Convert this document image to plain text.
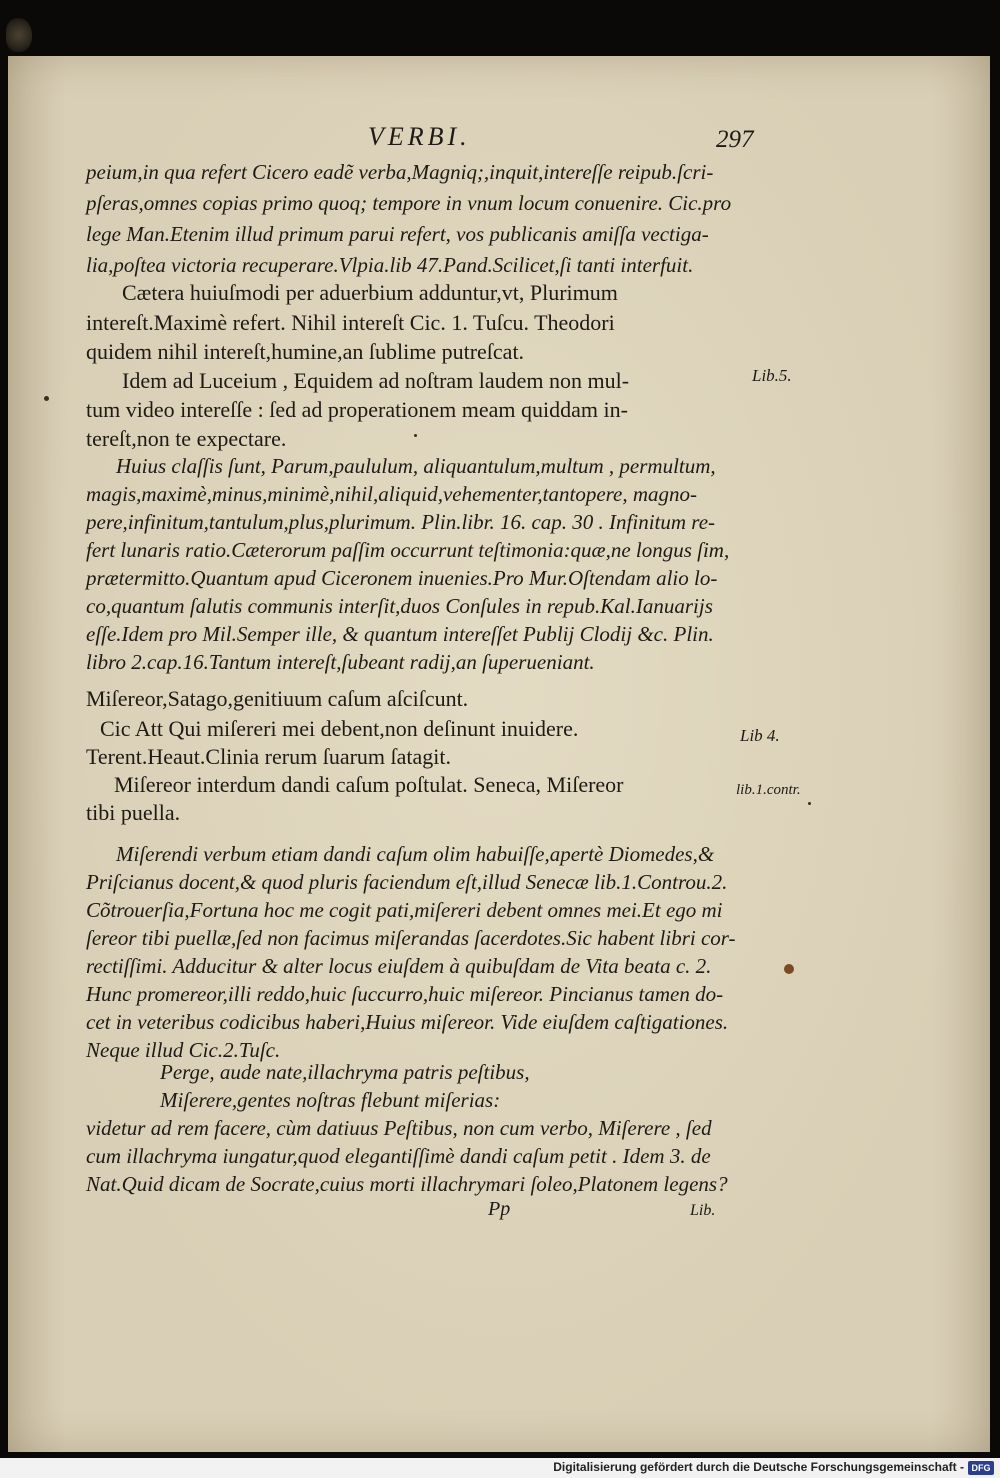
VERBI.	297
peium,in qua refert Cicero eadẽ verba,Magniq;,inquit,intereſſe reipub.ſcri-
pſeras,omnes copias primo quoq; tempore in vnum locum conuenire. Cic.pro
lege Man.Etenim illud primum parui refert, vos publicanis amiſſa vectiga-
lia,poſtea victoria recuperare.Vlpia.lib 47.Pand.Scilicet,ſi tanti interfuit.
Cætera huiuſmodi per aduerbium adduntur,vt, Plurimum
intereſt.Maximè refert. Nihil intereſt Cic. 1. Tuſcu. Theodori
quidem nihil intereſt,humine,an ſublime putreſcat.
Idem ad Luceium , Equidem ad noſtram laudem non mul-
tum video intereſſe : ſed ad properationem meam quiddam in-
tereſt,non te expectare.
Huius claſſis ſunt, Parum,paululum, aliquantulum,multum , permultum,
magis,maximè,minus,minimè,nihil,aliquid,vehementer,tantopere, magno-
pere,infinitum,tantulum,plus,plurimum. Plin.libr. 16. cap. 30 . Infinitum re-
fert lunaris ratio.Cæterorum paſſim occurrunt teſtimonia:quæ,ne longus ſim,
prætermitto.Quantum apud Ciceronem inuenies.Pro Mur.Oſtendam alio lo-
co,quantum ſalutis communis interſit,duos Conſules in repub.Kal.Ianuarijs
eſſe.Idem pro Mil.Semper ille, & quantum intereſſet Publij Clodij &c. Plin.
libro 2.cap.16.Tantum intereſt,ſubeant radij,an ſuperueniant.
Miſereor,Satago,genitiuum caſum aſciſcunt.
Cic Att Qui miſereri mei debent,non deſinunt inuidere.
Terent.Heaut.Clinia rerum ſuarum ſatagit.
Miſereor interdum dandi caſum poſtulat. Seneca, Miſereor
tibi puella.
Miſerendi verbum etiam dandi caſum olim habuiſſe,apertè Diomedes,&
Priſcianus docent,& quod pluris faciendum eſt,illud Senecæ lib.1.Controu.2.
Cõtrouerſia,Fortuna hoc me cogit pati,miſereri debent omnes mei.Et ego mi
ſereor tibi puellæ,ſed non facimus miſerandas ſacerdotes.Sic habent libri cor-
rectiſſimi. Adducitur & alter locus eiuſdem à quibuſdam de Vita beata c. 2.
Hunc promereor,illi reddo,huic ſuccurro,huic miſereor. Pincianus tamen do-
cet in veteribus codicibus haberi,Huius miſereor. Vide eiuſdem caſtigationes.
Neque illud Cic.2.Tuſc.
Perge, aude nate,illachryma patris peſtibus,
Miſerere,gentes noſtras flebunt miſerias:
videtur ad rem facere, cùm datiuus Peſtibus, non cum verbo, Miſerere , ſed
cum illachryma iungatur,quod elegantiſſimè dandi caſum petit . Idem 3. de
Nat.Quid dicam de Socrate,cuius morti illachrymari ſoleo,Platonem legens?
Lib.5.
Lib 4.
lib.1.contr.
Pp	Lib.
Digitalisierung gefördert durch die Deutsche Forschungsgemeinschaft - DFG
